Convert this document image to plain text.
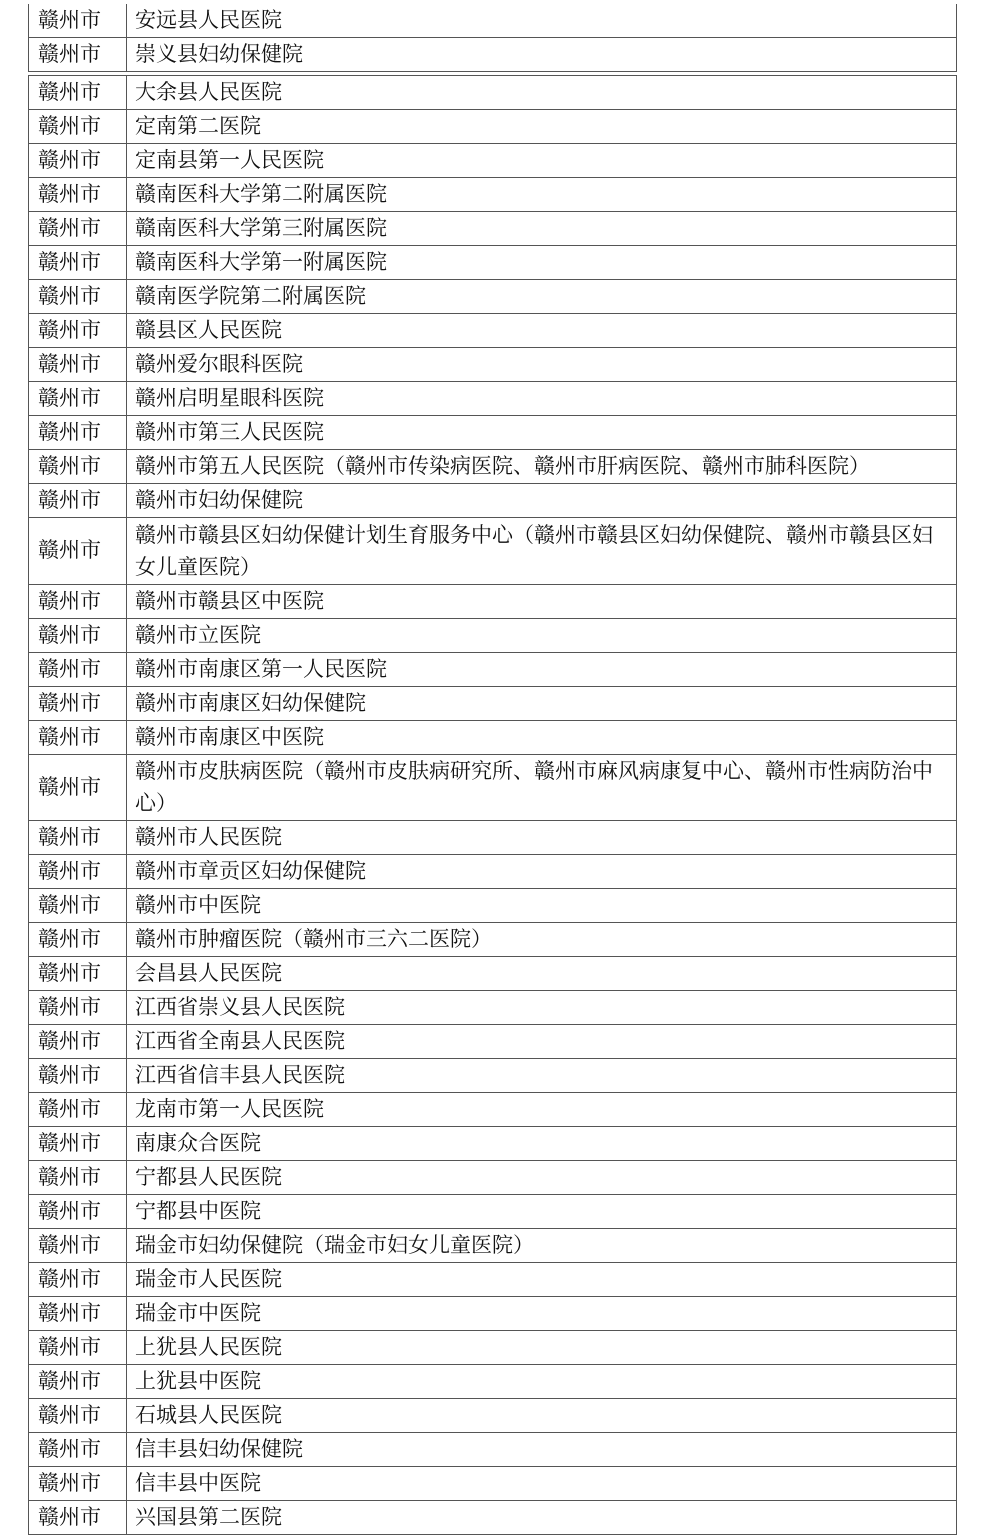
赣州市	安远县人民医院
赣州市	崇义县妇幼保健院
赣州市	大余县人民医院
赣州市	定南第二医院
赣州市	定南县第一人民医院
赣州市	赣南医科大学第二附属医院
赣州市	赣南医科大学第三附属医院
赣州市	赣南医科大学第一附属医院
赣州市	赣南医学院第二附属医院
赣州市	赣县区人民医院
赣州市	赣州爱尔眼科医院
赣州市	赣州启明星眼科医院
赣州市	赣州市第三人民医院
赣州市	赣州市第五人民医院（赣州市传染病医院、赣州市肝病医院、赣州市肺科医院）
赣州市	赣州市妇幼保健院
赣州市	赣州市赣县区妇幼保健计划生育服务中心（赣州市赣县区妇幼保健院、赣州市赣县区妇女儿童医院）
赣州市	赣州市赣县区中医院
赣州市	赣州市立医院
赣州市	赣州市南康区第一人民医院
赣州市	赣州市南康区妇幼保健院
赣州市	赣州市南康区中医院
赣州市	赣州市皮肤病医院（赣州市皮肤病研究所、赣州市麻风病康复中心、赣州市性病防治中心）
赣州市	赣州市人民医院
赣州市	赣州市章贡区妇幼保健院
赣州市	赣州市中医院
赣州市	赣州市肿瘤医院（赣州市三六二医院）
赣州市	会昌县人民医院
赣州市	江西省崇义县人民医院
赣州市	江西省全南县人民医院
赣州市	江西省信丰县人民医院
赣州市	龙南市第一人民医院
赣州市	南康众合医院
赣州市	宁都县人民医院
赣州市	宁都县中医院
赣州市	瑞金市妇幼保健院（瑞金市妇女儿童医院）
赣州市	瑞金市人民医院
赣州市	瑞金市中医院
赣州市	上犹县人民医院
赣州市	上犹县中医院
赣州市	石城县人民医院
赣州市	信丰县妇幼保健院
赣州市	信丰县中医院
赣州市	兴国县第二医院
